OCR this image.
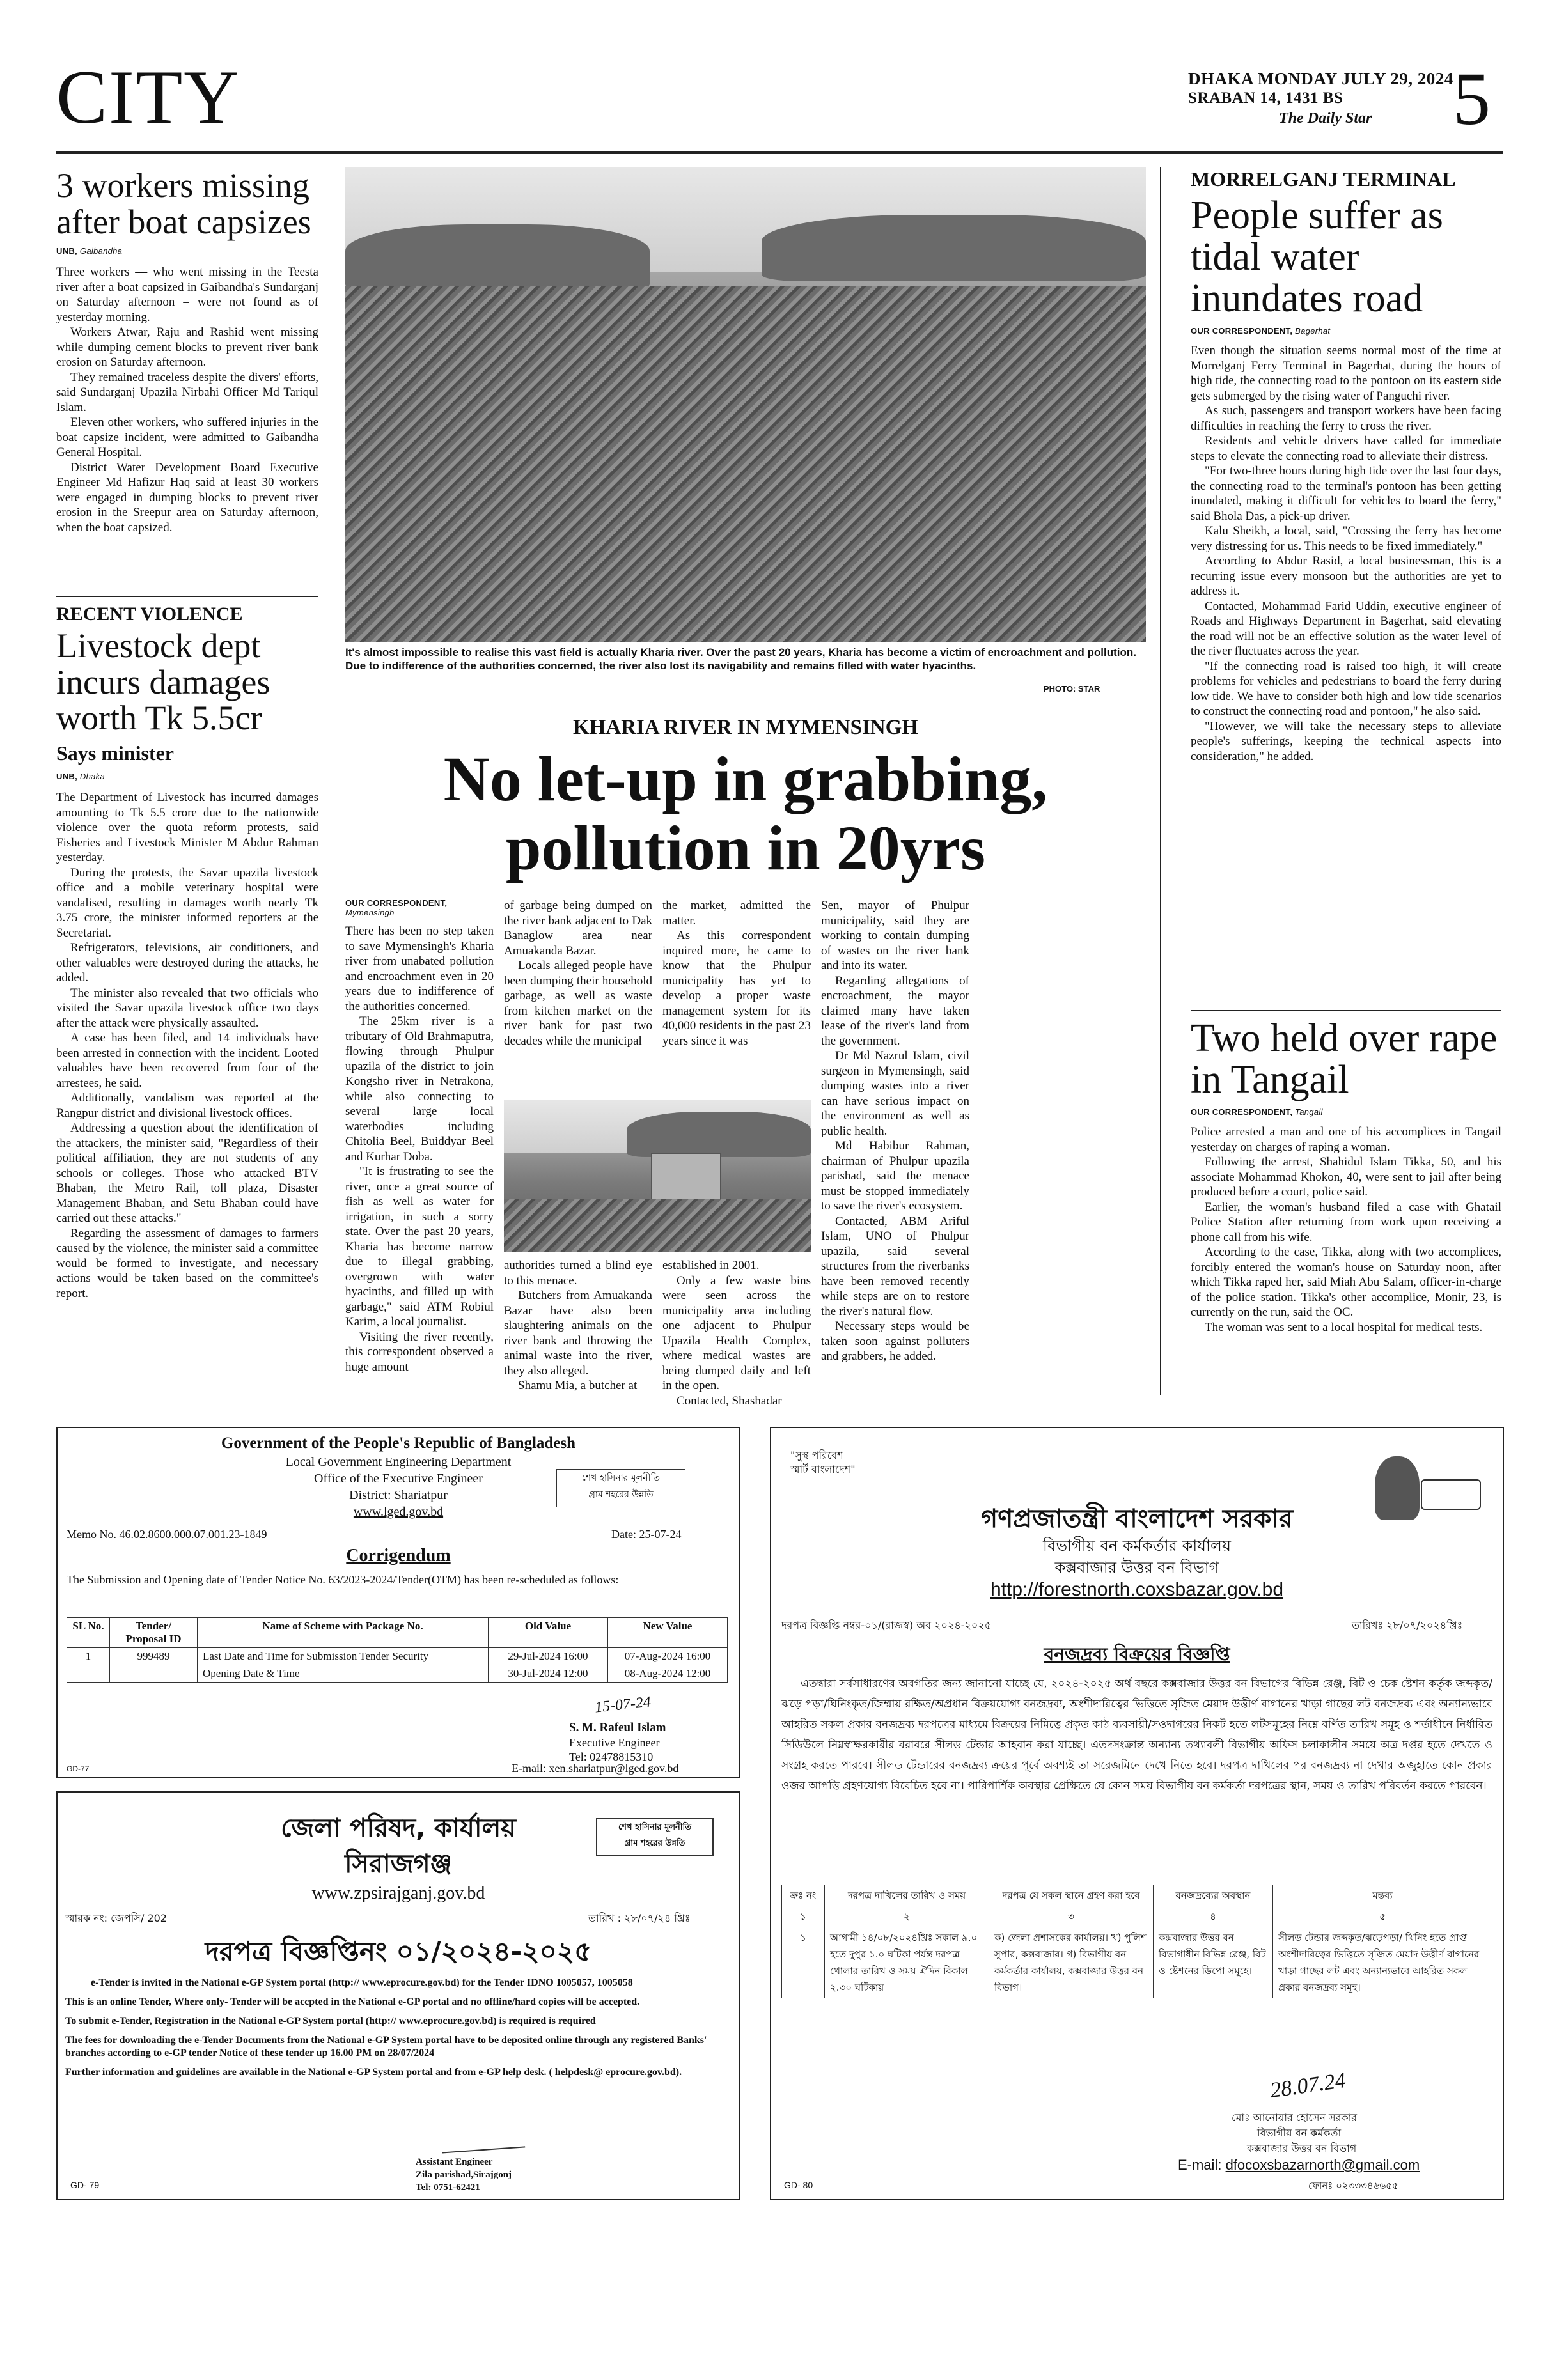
CITY	DHAKA MONDAY JULY 29, 2024
SRABAN 14, 1431 BS
The Daily Star 5
3 workers missing after boat capsizes
UNB, Gaibandha

Three workers — who went missing in the Teesta river after a boat capsized in Gaibandha's Sundarganj on Saturday afternoon – were not found as of yesterday morning.

Workers Atwar, Raju and Rashid went missing while dumping cement blocks to prevent river bank erosion on Saturday afternoon.

They remained traceless despite the divers' efforts, said Sundarganj Upazila Nirbahi Officer Md Tariqul Islam.

Eleven other workers, who suffered injuries in the boat capsize incident, were admitted to Gaibandha General Hospital.

District Water Development Board Executive Engineer Md Hafizur Haq said at least 30 workers were engaged in dumping blocks to prevent river erosion in the Sreepur area on Saturday afternoon, when the boat capsized.

RECENT VIOLENCE
Livestock dept incurs damages worth Tk 5.5cr
Says minister
UNB, Dhaka

The Department of Livestock has incurred damages amounting to Tk 5.5 crore due to the nationwide violence over the quota reform protests, said Fisheries and Livestock Minister M Abdur Rahman yesterday.

During the protests, the Savar upazila livestock office and a mobile veterinary hospital were vandalised, resulting in damages worth nearly Tk 3.75 crore, the minister informed reporters at the Secretariat.

Refrigerators, televisions, air conditioners, and other valuables were destroyed during the attacks, he added.

The minister also revealed that two officials who visited the Savar upazila livestock office two days after the attack were physically assaulted.

A case has been filed, and 14 individuals have been arrested in connection with the incident. Looted valuables have been recovered from four of the arrestees, he said.

Additionally, vandalism was reported at the Rangpur district and divisional livestock offices.

Addressing a question about the identification of the attackers, the minister said, "Regardless of their political affiliation, they are not students of any schools or colleges. Those who attacked BTV Bhaban, the Metro Rail, toll plaza, Disaster Management Bhaban, and Setu Bhaban could have carried out these attacks."

Regarding the assessment of damages to farmers caused by the violence, the minister said a committee would be formed to investigate, and necessary actions would be taken based on the committee's report.

It's almost impossible to realise this vast field is actually Kharia river. Over the past 20 years, Kharia has become a victim of encroachment and pollution. Due to indifference of the authorities concerned, the river also lost its navigability and remains filled with water hyacinths.
PHOTO: STAR
KHARIA RIVER IN MYMENSINGH
No let-up in grabbing, pollution in 20yrs
OUR CORRESPONDENT,
Mymensingh

There has been no step taken to save Mymensingh's Kharia river from unabated pollution and encroachment even in 20 years due to indifference of the authorities concerned.

The 25km river is a tributary of Old Brahmaputra, flowing through Phulpur upazila of the district to join Kongsho river in Netrakona, while also connecting to several large local waterbodies including Chitolia Beel, Buiddyar Beel and Kurhar Doba.

"It is frustrating to see the river, once a great source of fish as well as water for irrigation, in such a sorry state. Over the past 20 years, Kharia has become narrow due to illegal grabbing, overgrown with water hyacinths, and filled up with garbage," said ATM Robiul Karim, a local journalist.

Visiting the river recently, this correspondent observed a huge amount

of garbage being dumped on the river bank adjacent to Dak Banaglow area near Amuakanda Bazar.

Locals alleged people have been dumping their household garbage, as well as waste from kitchen market on the river bank for past two decades while the municipal

the market, admitted the matter.

As this correspondent inquired more, he came to know that the Phulpur municipality has yet to develop a proper waste management system for its 40,000 residents in the past 23 years since it was

authorities turned a blind eye to this menace.

Butchers from Amuakanda Bazar have also been slaughtering animals on the river bank and throwing the animal waste into the river, they also alleged.

Shamu Mia, a butcher at

established in 2001.

Only a few waste bins were seen across the municipality area including one adjacent to Phulpur Upazila Health Complex, where medical wastes are being dumped daily and left in the open.

Contacted, Shashadar

Sen, mayor of Phulpur municipality, said they are working to contain dumping of wastes on the river bank and into its water.

Regarding allegations of encroachment, the mayor claimed many have taken lease of the river's land from the government.

Dr Md Nazrul Islam, civil surgeon in Mymensingh, said dumping wastes into a river can have serious impact on the environment as well as public health.

Md Habibur Rahman, chairman of Phulpur upazila parishad, said the menace must be stopped immediately to save the river's ecosystem.

Contacted, ABM Ariful Islam, UNO of Phulpur upazila, said several structures from the riverbanks have been removed recently while steps are on to restore the river's natural flow.

Necessary steps would be taken soon against polluters and grabbers, he added.

MORRELGANJ TERMINAL
People suffer as tidal water inundates road
OUR CORRESPONDENT, Bagerhat

Even though the situation seems normal most of the time at Morrelganj Ferry Terminal in Bagerhat, during the hours of high tide, the connecting road to the pontoon on its eastern side gets submerged by the rising water of Panguchi river.

As such, passengers and transport workers have been facing difficulties in reaching the ferry to cross the river.

Residents and vehicle drivers have called for immediate steps to elevate the connecting road to alleviate their distress.

"For two-three hours during high tide over the last four days, the connecting road to the terminal's pontoon has been getting inundated, making it difficult for vehicles to board the ferry," said Bhola Das, a pick-up driver.

Kalu Sheikh, a local, said, "Crossing the ferry has become very distressing for us. This needs to be fixed immediately."

According to Abdur Rasid, a local businessman, this is a recurring issue every monsoon but the authorities are yet to address it.

Contacted, Mohammad Farid Uddin, executive engineer of Roads and Highways Department in Bagerhat, said elevating the road will not be an effective solution as the water level of the river fluctuates across the year.

"If the connecting road is raised too high, it will create problems for vehicles and pedestrians to board the ferry during low tide. We have to consider both high and low tide scenarios to construct the connecting road and pontoon," he also said.

"However, we will take the necessary steps to alleviate people's sufferings, keeping the technical aspects into consideration," he added.

Two held over rape in Tangail
OUR CORRESPONDENT, Tangail

Police arrested a man and one of his accomplices in Tangail yesterday on charges of raping a woman.

Following the arrest, Shahidul Islam Tikka, 50, and his associate Mohammad Khokon, 40, were sent to jail after being produced before a court, police said.

Earlier, the woman's husband filed a case with Ghatail Police Station after returning from work upon receiving a phone call from his wife.

According to the case, Tikka, along with two accomplices, forcibly entered the woman's house on Saturday noon, after which Tikka raped her, said Miah Abu Salam, officer-in-charge of the police station. Tikka's other accomplice, Monir, 23, is currently on the run, said the OC.

The woman was sent to a local hospital for medical tests.

Government of the People's Republic of Bangladesh
Local Government Engineering Department
Office of the Executive Engineer
District: Shariatpur
www.lged.gov.bd
শেখ হাসিনার মূলনীতি
গ্রাম শহরের উন্নতি
Memo No. 46.02.8600.000.07.001.23-1849	Date: 25-07-24
Corrigendum
The Submission and Opening date of Tender Notice No. 63/2023-2024/Tender(OTM) has been re-scheduled as follows:
SL No.	Tender/ Proposal ID	Name of Scheme with Package No.	Old Value	New Value
1	999489	Last Date and Time for Submission Tender Security	29-Jul-2024 16:00	07-Aug-2024 16:00
		Opening Date & Time	30-Jul-2024 12:00	08-Aug-2024 12:00
15-07-24
S. M. Rafeul Islam
Executive Engineer
Tel: 02478815310
E-mail: xen.shariatpur@lged.gov.bd
GD-77
জেলা পরিষদ, কার্যালয়
সিরাজগঞ্জ
শেখ হাসিনার মূলনীতি
গ্রাম শহরের উন্নতি
www.zpsirajganj.gov.bd
স্মারক নং: জেপসি/ 202	তারিখ : ২৮/০৭/২৪ খ্রিঃ
দরপত্র বিজ্ঞপ্তিনং ০১/২০২৪-২০২৫
e-Tender is invited in the National e-GP System portal (http:// www.eprocure.gov.bd) for the Tender IDNO 1005057, 1005058
This is an online Tender, Where only- Tender will be accpted in the National e-GP portal and no offline/hard copies will be accepted.
To submit e-Tender, Registration in the National e-GP System portal (http:// www.eprocure.gov.bd) is required is required
The fees for downloading the e-Tender Documents from the National e-GP System portal have to be deposited online through any registered Banks' branches according to e-GP tender Notice of these tender up 16.00 PM on 28/07/2024
Further information and guidelines are available in the National e-GP System portal and from e-GP help desk. ( helpdesk@ eprocure.gov.bd).
Assistant Engineer
Zila parishad,Sirajgonj
Tel: 0751-62421
GD- 79
"সুস্থ পরিবেশ
স্মার্ট বাংলাদেশ"
গণপ্রজাতন্ত্রী বাংলাদেশ সরকার
বিভাগীয় বন কর্মকর্তার কার্যালয়
কক্সবাজার উত্তর বন বিভাগ
http://forestnorth.coxsbazar.gov.bd
দরপত্র বিজ্ঞপ্তি নম্বর-০১/(রাজস্ব) অব ২০২৪-২০২৫	তারিখঃ ২৮/০৭/২০২৪খ্রিঃ
বনজদ্রব্য বিক্রয়ের বিজ্ঞপ্তি
এতদ্বারা সর্বসাধারণের অবগতির জন্য জানানো যাচ্ছে যে, ২০২৪-২০২৫ অর্থ বছরে কক্সবাজার উত্তর বন বিভাগের বিভিন্ন রেঞ্জ, বিট ও চেক ষ্টেশন কর্তৃক জব্দকৃত/ঝড়ে পড়া/ঘিনিংকৃত/জিম্মায় রক্ষিত/অপ্রধান বিক্রয়যোগ্য বনজদ্রব্য, অংশীদারিত্বের ভিত্তিতে সৃজিত মেয়াদ উত্তীর্ণ বাগানের খাড়া গাছের লট বনজদ্রব্য এবং অন্যান্যভাবে আহরিত সকল প্রকার বনজদ্রব্য দরপত্রের মাধ্যমে বিক্রয়ের নিমিত্তে প্রকৃত কাঠ ব্যবসায়ী/সওদাগরের নিকট হতে লটসমূহের নিম্নে বর্ণিত তারিখ সমূহ ও শর্তাধীনে নির্ধারিত সিডিউলে নিম্নস্বাক্ষরকারীর বরাবরে সীলড টেন্ডার আহবান করা যাচ্ছে। এতদসংক্রান্ত অন্যান্য তথ্যাবলী বিভাগীয় অফিস চলাকালীন সময়ে অত্র দপ্তর হতে দেখতে ও সংগ্রহ করতে পারবে। সীলড টেন্ডারের বনজদ্রব্য ক্রয়ের পূর্বে অবশ্যই তা সরেজমিনে দেখে নিতে হবে। দরপত্র দাখিলের পর বনজদ্রব্য না দেখার অজুহাতে কোন প্রকার ওজর আপত্তি গ্রহণযোগ্য বিবেচিত হবে না। পারিপার্শিক অবস্থার প্রেক্ষিতে যে কোন সময় বিভাগীয় বন কর্মকর্তা দরপত্রের স্থান, সময় ও তারিখ পরিবর্তন করতে পারবেন।
ক্রঃ নং	দরপত্র দাখিলের তারিখ ও সময়	দরপত্র যে সকল স্থানে গ্রহণ করা হবে	বনজদ্রব্যের অবস্থান	মন্তব্য
১	২	৩	৪	৫
১	আগামী ১৪/০৮/২০২৪খ্রিঃ সকাল ৯.০ হতে দুপুর ১.০ ঘটিকা পর্যন্ত দরপত্র খোলার তারিখ ও সময় ঐদিন বিকাল ২.৩০ ঘটিকায়	ক) জেলা প্রশাসকের কার্যালয়। খ) পুলিশ সুপার, কক্সবাজার। গ) বিভাগীয় বন কর্মকর্তার কার্যালয়, কক্সবাজার উত্তর বন বিভাগ।	কক্সবাজার উত্তর বন বিভাগাধীন বিভিন্ন রেঞ্জ, বিট ও ষ্টেশনের ডিপো সমূহে।	সীলড টেন্ডার জব্দকৃত/ঝড়েপড়া/ থিনিং হতে প্রাপ্ত অংশীদারিত্বের ভিত্তিতে সৃজিত মেয়াদ উত্তীর্ণ বাগানের খাড়া গাছের লট এবং অন্যান্যভাবে আহরিত সকল প্রকার বনজদ্রব্য সমূহ।
28.07.24
মোঃ আনোয়ার হোসেন সরকার
বিভাগীয় বন কর্মকর্তা
কক্সবাজার উত্তর বন বিভাগ
E-mail: dfocoxsbazarnorth@gmail.com
ফোনঃ ০২৩৩৩৪৬৬৫৫
GD- 80
